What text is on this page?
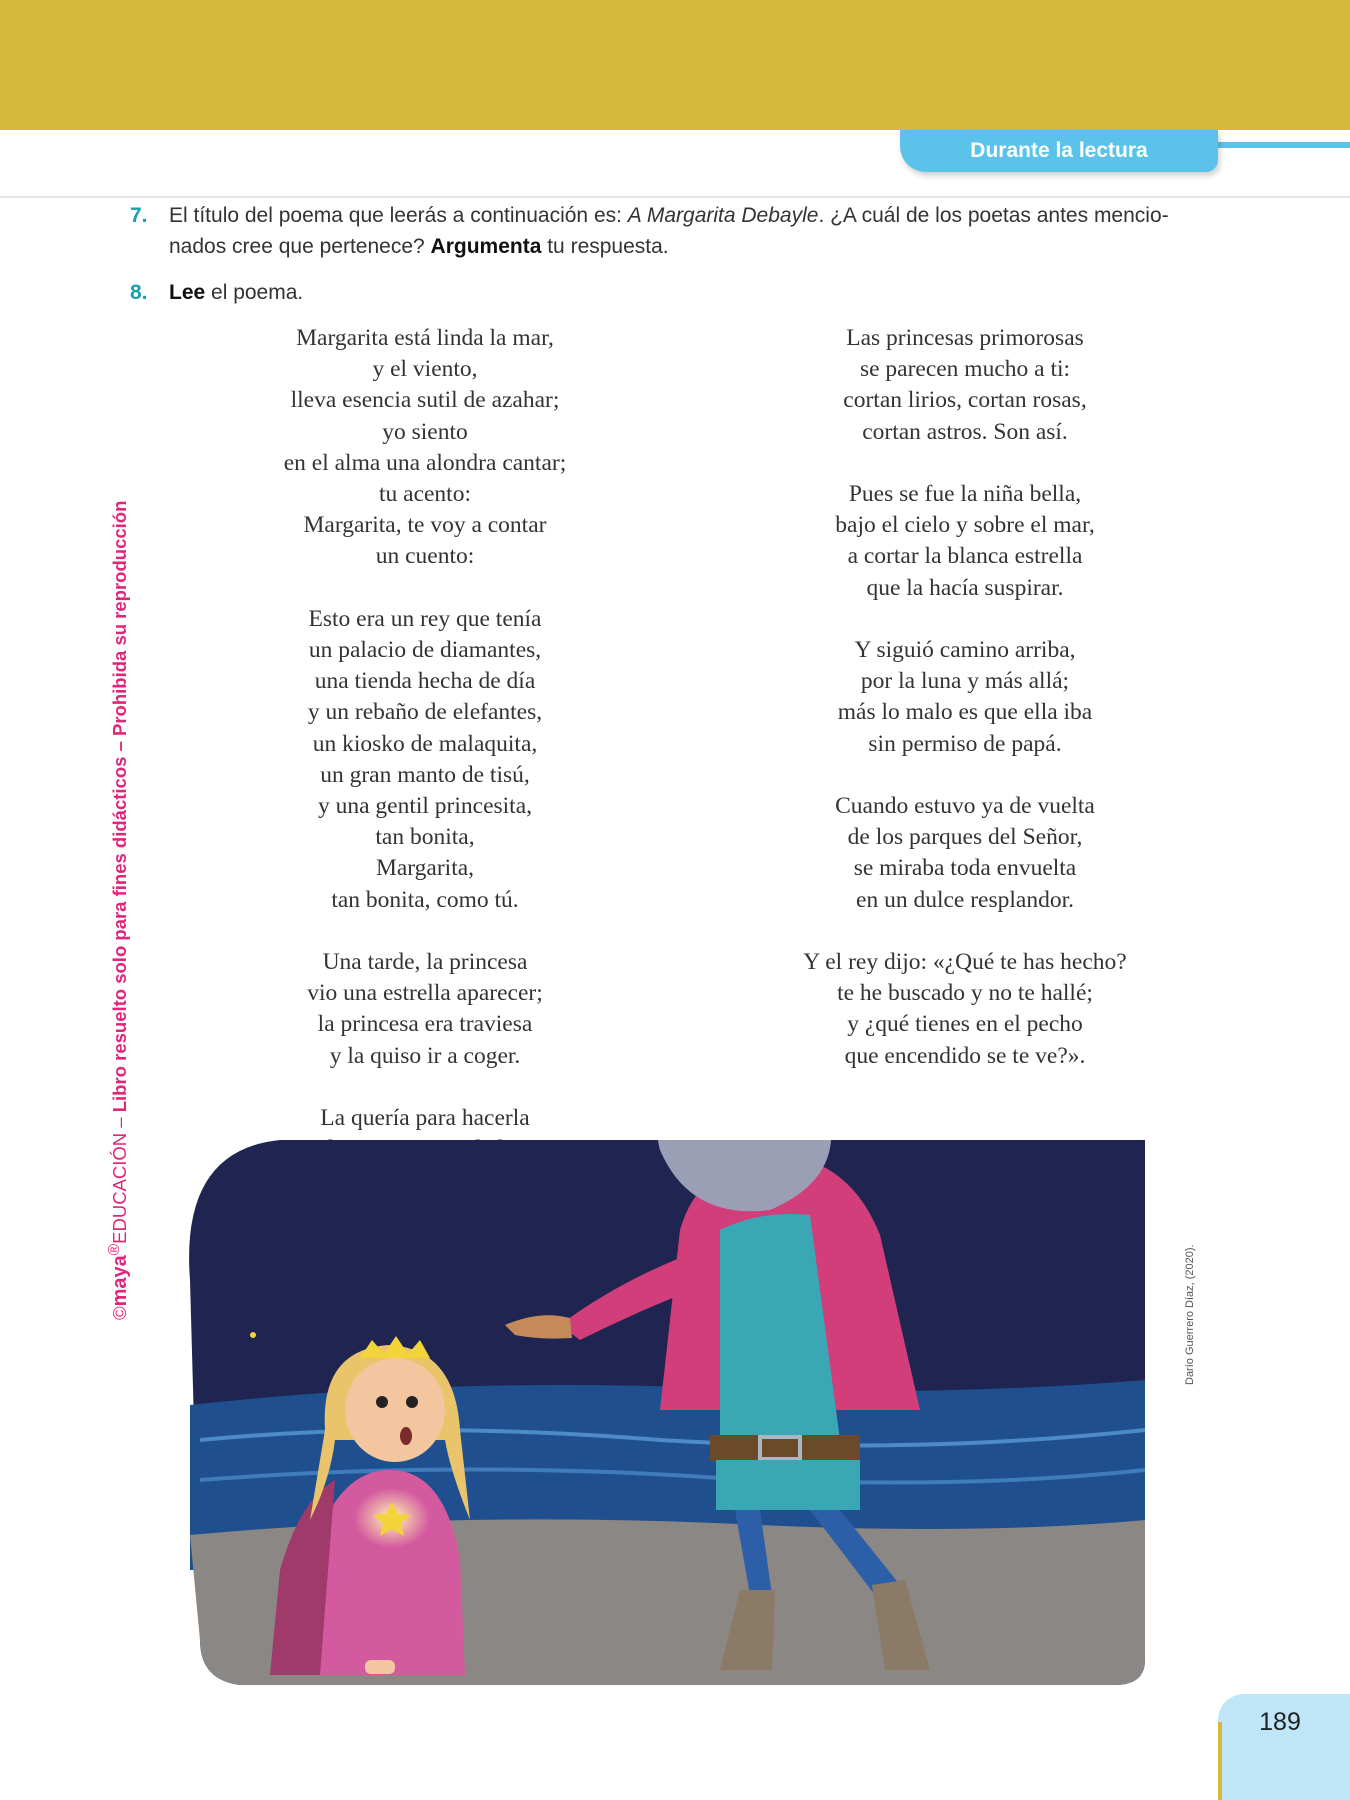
Durante la lectura
7. El título del poema que leerás a continuación es: A Margarita Debayle. ¿A cuál de los poetas antes mencio-
nados cree que pertenece? Argumenta tu respuesta.
8. Lee el poema.
Margarita está linda la mar,
y el viento,
lleva esencia sutil de azahar;
yo siento
en el alma una alondra cantar;
tu acento:
Margarita, te voy a contar
un cuento:
Esto era un rey que tenía
un palacio de diamantes,
una tienda hecha de día
y un rebaño de elefantes,
un kiosko de malaquita,
un gran manto de tisú,
y una gentil princesita,
tan bonita,
Margarita,
tan bonita, como tú.
Una tarde, la princesa
vio una estrella aparecer;
la princesa era traviesa
y la quiso ir a coger.
La quería para hacerla
Las princesas primorosas
se parecen mucho a ti:
cortan lirios, cortan rosas,
cortan astros. Son así.
Pues se fue la niña bella,
bajo el cielo y sobre el mar,
a cortar la blanca estrella
que la hacía suspirar.
Y siguió camino arriba,
por la luna y más allá;
más lo malo es que ella iba
sin permiso de papá.
Cuando estuvo ya de vuelta
de los parques del Señor,
se miraba toda envuelta
en un dulce resplandor.
Y el rey dijo: «¿Qué te has hecho?
te he buscado y no te hallé;
y ¿qué tienes en el pecho
que encendido se te ve?».
©maya®EDUCACIÓN – Libro resuelto solo para fines didácticos – Prohibida su reproducción
Darío Guerrero Díaz, (2020).
189
